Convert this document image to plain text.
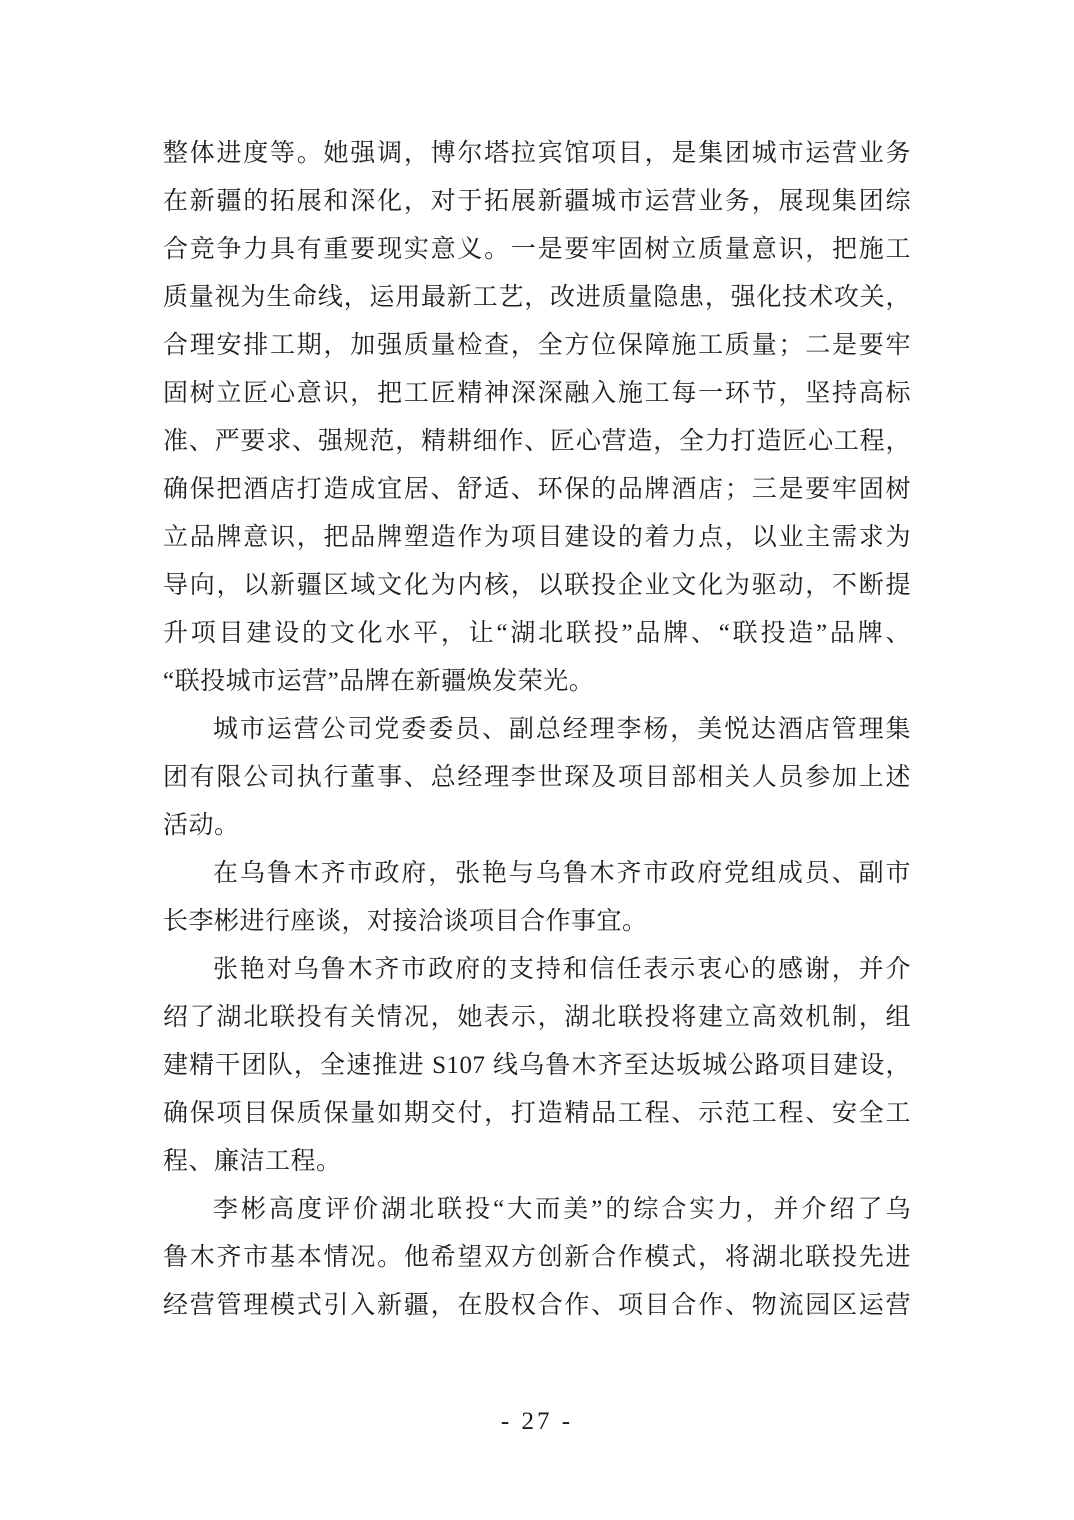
整体进度等。她强调，博尔塔拉宾馆项目，是集团城市运营业务
在新疆的拓展和深化，对于拓展新疆城市运营业务，展现集团综
合竞争力具有重要现实意义。一是要牢固树立质量意识，把施工
质量视为生命线，运用最新工艺，改进质量隐患，强化技术攻关，
合理安排工期，加强质量检查，全方位保障施工质量；二是要牢
固树立匠心意识，把工匠精神深深融入施工每一环节，坚持高标
准、严要求、强规范，精耕细作、匠心营造，全力打造匠心工程，
确保把酒店打造成宜居、舒适、环保的品牌酒店；三是要牢固树
立品牌意识，把品牌塑造作为项目建设的着力点，以业主需求为
导向，以新疆区域文化为内核，以联投企业文化为驱动，不断提
升项目建设的文化水平，让“湖北联投”品牌、“联投造”品牌、
“联投城市运营”品牌在新疆焕发荣光。
城市运营公司党委委员、副总经理李杨，美悦达酒店管理集
团有限公司执行董事、总经理李世琛及项目部相关人员参加上述
活动。
在乌鲁木齐市政府，张艳与乌鲁木齐市政府党组成员、副市
长李彬进行座谈，对接洽谈项目合作事宜。
张艳对乌鲁木齐市政府的支持和信任表示衷心的感谢，并介
绍了湖北联投有关情况，她表示，湖北联投将建立高效机制，组
建精干团队，全速推进 S107 线乌鲁木齐至达坂城公路项目建设，
确保项目保质保量如期交付，打造精品工程、示范工程、安全工
程、廉洁工程。
李彬高度评价湖北联投“大而美”的综合实力，并介绍了乌
鲁木齐市基本情况。他希望双方创新合作模式，将湖北联投先进
经营管理模式引入新疆，在股权合作、项目合作、物流园区运营
- 27 -
